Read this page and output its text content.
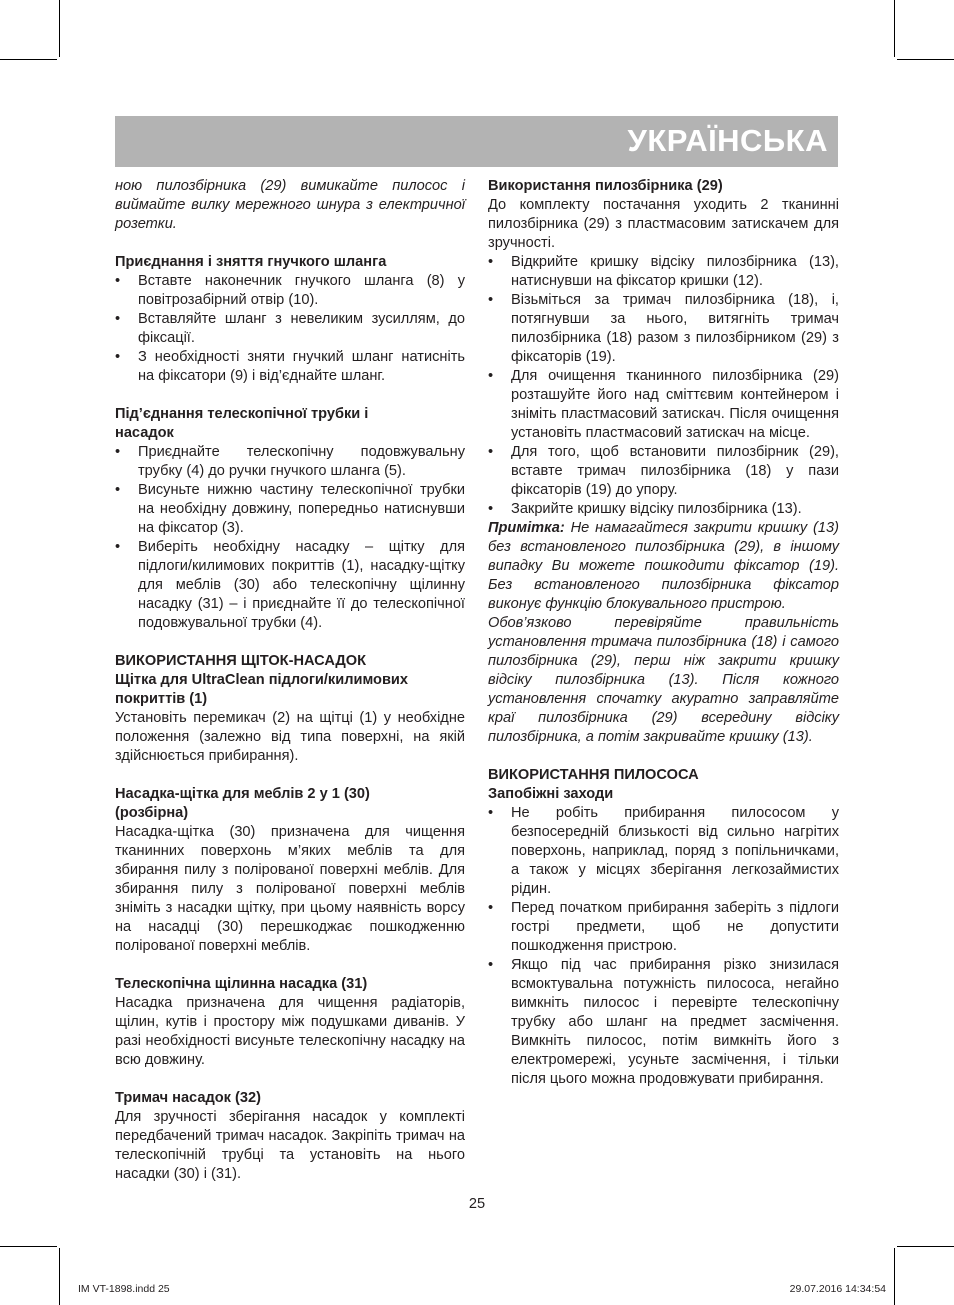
УКРАЇНСЬКА

ною пилозбірника (29) вимикайте пилосос і виймайте вилку мережного шнура з електричної розетки.

Приєднання і зняття гнучкого шланга

• Вставте наконечник гнучкого шланга (8) у повітрозабірний отвір (10).
• Вставляйте шланг з невеликим зусиллям, до фіксації.
• З необхідності зняти гнучкий шланг натисніть на фіксатори (9) і від’єднайте шланг.

Під’єднання телескопічної трубки і

насадок

• Приєднайте телескопічну подовжувальну трубку (4) до ручки гнучкого шланга (5).
• Висуньте нижню частину телескопічної трубки на необхідну довжину, попередньо натиснувши на фіксатор (3).
• Виберіть необхідну насадку – щітку для підлоги/килимових покриттів (1), насадку-щітку для меблів (30) або телескопічну щілинну насадку (31) – і приєднайте її до телескопічної подовжувальної трубки (4).

ВИКОРИСТАННЯ ЩІТОК-НАСАДОК

Щітка для UltraClean підлоги/килимових

покриттів (1)

Установіть перемикач (2) на щітці (1) у необхідне положення (залежно від типа поверхні, на якій здійснюється прибирання).

Насадка-щітка для меблів 2 у 1 (30)

(розбірна)

Насадка-щітка (30) призначена для чищення тканинних поверхонь м’яких меблів та для збирання пилу з полірованої поверхні меблів. Для збирання пилу з полірованої поверхні меблів зніміть з насадки щітку, при цьому наявність ворсу на насадці (30) перешкоджає пошкодженню полірованої поверхні меблів.

Телескопічна щілинна насадка (31)

Насадка призначена для чищення радіаторів, щілин, кутів і простору між подушками диванів. У разі необхідності висуньте телескопічну насадку на всю довжину.

Тримач насадок (32)

Для зручності зберігання насадок у комплекті передбачений тримач насадок. Закріпіть тримач на телескопічній трубці та установіть на нього насадки (30) і (31).

Використання пилозбірника (29)

До комплекту постачання уходить 2 тканинні пилозбірника (29) з пластмасовим затискачем для зручності.

• Відкрийте кришку відсіку пилозбірника (13), натиснувши на фіксатор кришки (12).
• Візьміться за тримач пилозбірника (18), і, потягнувши за нього, витягніть тримач пилозбірника (18) разом з пилозбірником (29) з фіксаторів (19).
• Для очищення тканинного пилозбірника (29) розташуйте його над сміттєвим контейнером і зніміть пластмасовий затискач. Після очищення установіть пластмасовий затискач на місце.
• Для того, щоб встановити пилозбірник (29), вставте тримач пилозбірника (18) у пази фіксаторів (19) до упору.
• Закрийте кришку відсіку пилозбірника (13).

Примітка: Не намагайтеся закрити кришку (13) без встановленого пилозбірника (29), в іншому випадку Ви можете пошкодити фіксатор (19). Без встановленого пилозбірника фіксатор виконує функцію блокувального пристрою.

Обов’язково перевіряйте правильність установлення тримача пилозбірника (18) і самого пилозбірника (29), перш ніж закрити кришку відсіку пилозбірника (13). Після кожного установлення спочатку акуратно заправляйте краї пилозбірника (29) всередину відсіку пилозбірника, а потім закривайте кришку (13).

ВИКОРИСТАННЯ ПИЛОСОСА

Запобіжні заходи

• Не робіть прибирання пилососом у безпосередній близькості від сильно нагрітих поверхонь, наприклад, поряд з попільничками, а також у місцях зберігання легкозаймистих рідин.
• Перед початком прибирання заберіть з підлоги гострі предмети, щоб не допустити пошкодження пристрою.
• Якщо під час прибирання різко знизилася всмоктувальна потужність пилососа, негайно вимкніть пилосос і перевірте телескопічну трубку або шланг на предмет засмічення. Вимкніть пилосос, потім вимкніть його з електромережі, усуньте засмічення, і тільки після цього можна продовжувати прибирання.
25
IM VT-1898.indd 25	29.07.2016 14:34:54
